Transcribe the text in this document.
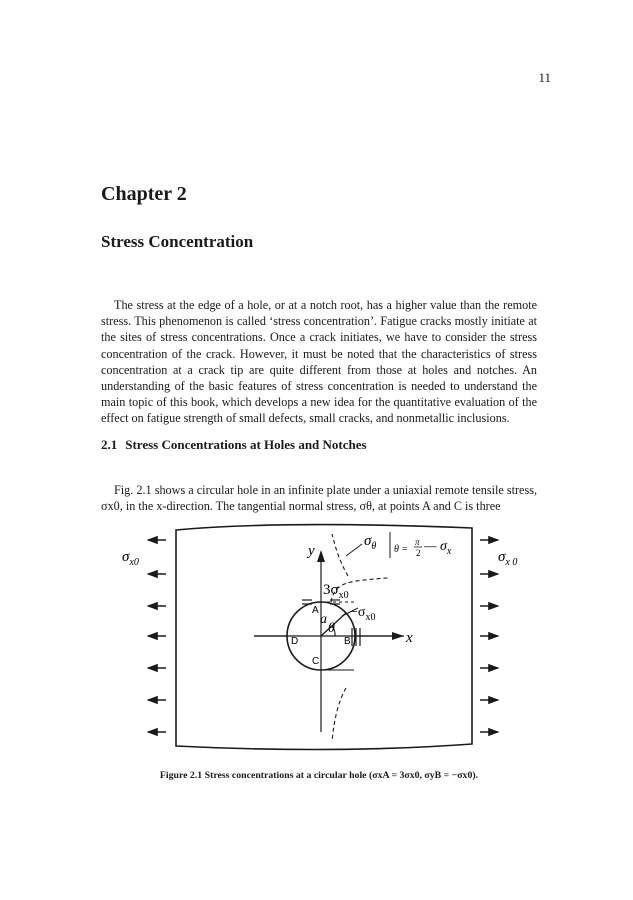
11
Chapter 2
Stress Concentration

The stress at the edge of a hole, or at a notch root, has a higher value than the remote stress. This phenomenon is called ‘stress concentration’. Fatigue cracks mostly initiate at the sites of stress concentrations. Once a crack initiates, we have to consider the stress concentration of the crack. However, it must be noted that the characteristics of stress concentration at a crack tip are quite different from those at holes and notches. An understanding of the basic features of stress concentration is needed to understand the main topic of this book, which develops a new idea for the quantitative evaluation of the effect on fatigue strength of small defects, small cracks, and nonmetallic inclusions.

2.1 Stress Concentrations at Holes and Notches

Fig. 2.1 shows a circular hole in an infinite plate under a uniaxial remote tensile stress, σx0, in the x-direction. The tangential normal stress, σθ, at points A and C is three

$\sigma_{x0}$	$\sigma_{x 0}$
y
x
a
θ
A
B
C
D
$\sigma_\theta$ θ =
π
2 — $\sigma_x$
$3\sigma_{x0}$
$-\sigma_{x0}$
Figure 2.1 Stress concentrations at a circular hole (σxA = 3σx0, σyB = −σx0).
